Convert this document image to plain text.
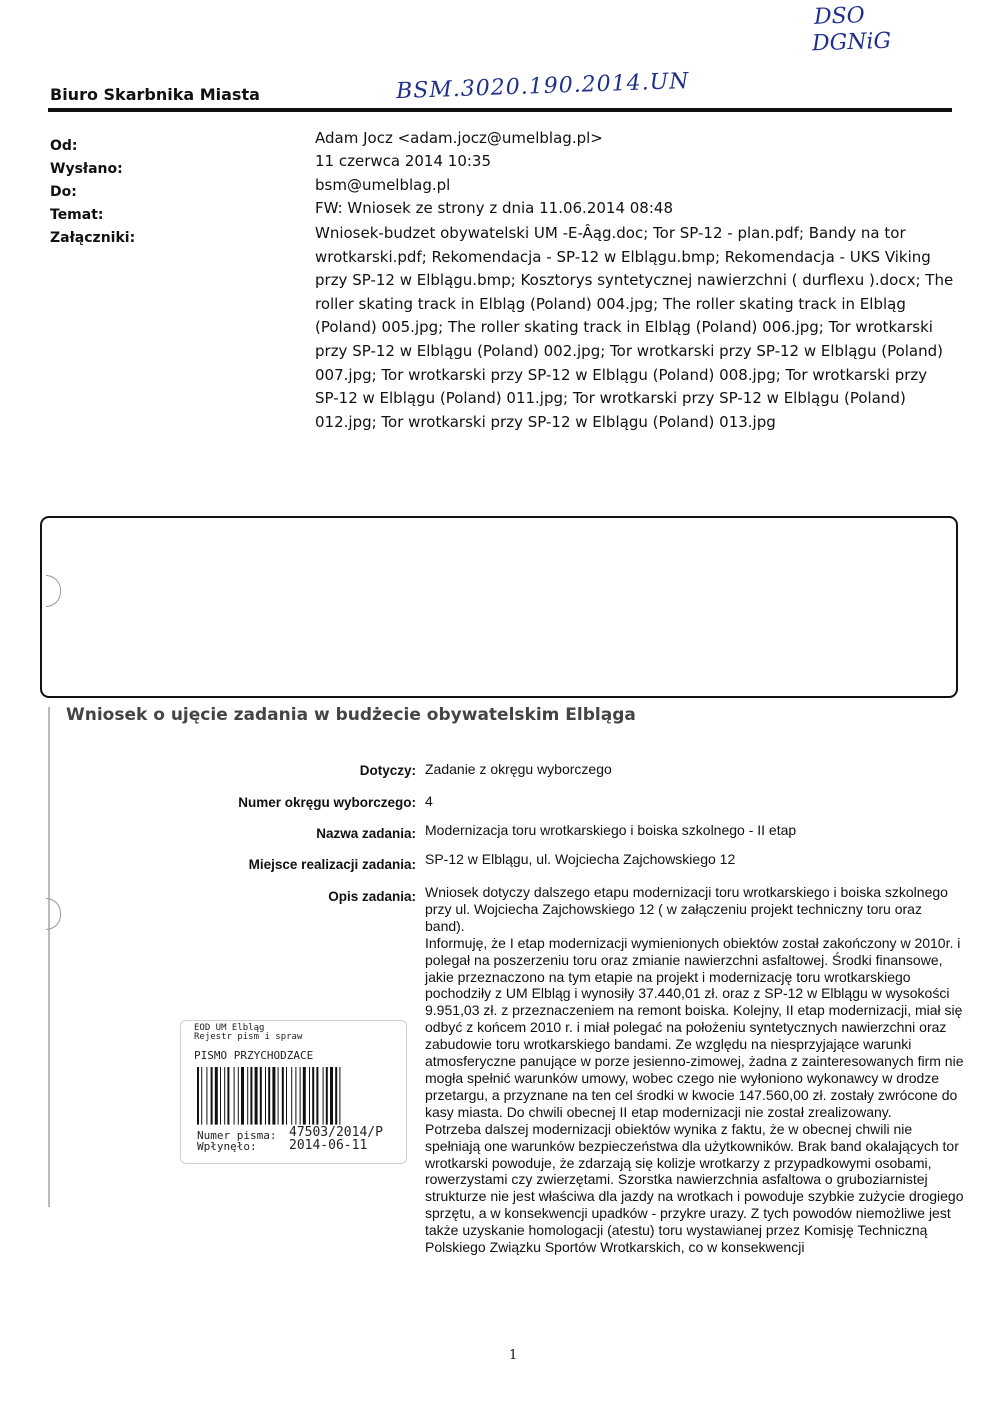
DSO
DGNiG
BSM.3020.190.2014.UN
Biuro Skarbnika Miasta
Od:	Adam Jocz <adam.jocz@umelblag.pl>
Wysłano:	11 czerwca 2014 10:35
Do:	bsm@umelblag.pl
Temat:	FW: Wniosek ze strony z dnia 11.06.2014 08:48
Załączniki:	Wniosek-budzet obywatelski UM -E-Âąg.doc; Tor SP-12 - plan.pdf; Bandy na tor wrotkarski.pdf; Rekomendacja - SP-12 w Elblągu.bmp; Rekomendacja - UKS Viking przy SP-12 w Elblągu.bmp; Kosztorys syntetycznej nawierzchni ( durflexu ).docx; The roller skating track in Elbląg (Poland) 004.jpg; The roller skating track in Elbląg (Poland) 005.jpg; The roller skating track in Elbląg (Poland) 006.jpg; Tor wrotkarski przy SP-12 w Elblągu (Poland) 002.jpg; Tor wrotkarski przy SP-12 w Elblągu (Poland) 007.jpg; Tor wrotkarski przy SP-12 w Elblągu (Poland) 008.jpg; Tor wrotkarski przy SP-12 w Elblągu (Poland) 011.jpg; Tor wrotkarski przy SP-12 w Elblągu (Poland) 012.jpg; Tor wrotkarski przy SP-12 w Elblągu (Poland) 013.jpg
Wniosek o ujęcie zadania w budżecie obywatelskim Elbląga
Dotyczy: Zadanie z okręgu wyborczego
Numer okręgu wyborczego: 4
Nazwa zadania: Modernizacja toru wrotkarskiego i boiska szkolnego - II etap
Miejsce realizacji zadania: SP-12 w Elblągu, ul. Wojciecha Zajchowskiego 12
Opis zadania: Wniosek dotyczy dalszego etapu modernizacji toru wrotkarskiego i boiska szkolnego przy ul. Wojciecha Zajchowskiego 12 ( w załączeniu projekt techniczny toru oraz band).

Informuję, że I etap modernizacji wymienionych obiektów został zakończony w 2010r. i polegał na poszerzeniu toru oraz zmianie nawierzchni asfaltowej. Środki finansowe, jakie przeznaczono na tym etapie na projekt i modernizację toru wrotkarskiego pochodziły z UM Elbląg i wynosiły 37.440,01 zł. oraz z SP-12 w Elblągu w wysokości 9.951,03 zł. z przeznaczeniem na remont boiska. Kolejny, II etap modernizacji, miał się odbyć z końcem 2010 r. i miał polegać na położeniu syntetycznych nawierzchni oraz zabudowie toru wrotkarskiego bandami. Ze względu na niesprzyjające warunki atmosferyczne panujące w porze jesienno-zimowej, żadna z zainteresowanych firm nie mogła spełnić warunków umowy, wobec czego nie wyłoniono wykonawcy w drodze przetargu, a przyznane na ten cel środki w kwocie 147.560,00 zł. zostały zwrócone do kasy miasta. Do chwili obecnej II etap modernizacji nie został zrealizowany.

Potrzeba dalszej modernizacji obiektów wynika z faktu, że w obecnej chwili nie spełniają one warunków bezpieczeństwa dla użytkowników. Brak band okalających tor wrotkarski powoduje, że zdarzają się kolizje wrotkarzy z przypadkowymi osobami, rowerzystami czy zwierzętami. Szorstka nawierzchnia asfaltowa o gruboziarnistej strukturze nie jest właściwa dla jazdy na wrotkach i powoduje szybkie zużycie drogiego sprzętu, a w konsekwencji upadków - przykre urazy. Z tych powodów niemożliwe jest także uzyskanie homologacji (atestu) toru wystawianej przez Komisję Techniczną Polskiego Związku Sportów Wrotkarskich, co w konsekwencji

EOD UM Elbląg
Rejestr pism i spraw
PISMO PRZYCHODZACE
Numer pisma: 47503/2014/P
Wpłynęło: 2014-06-11
1
